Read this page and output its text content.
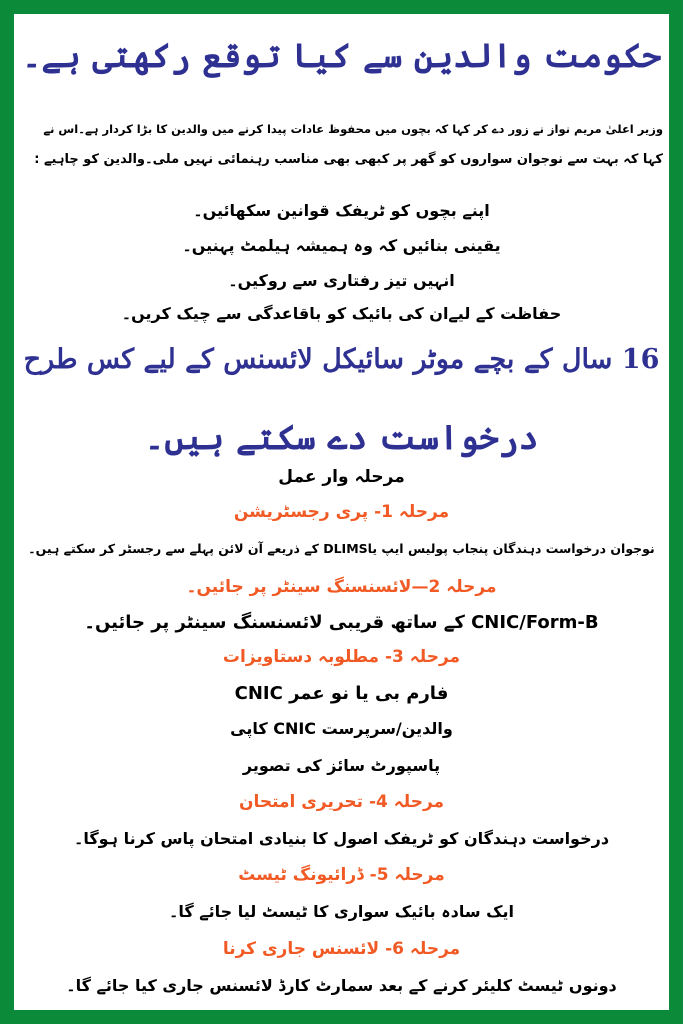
حکومت والدین سے کیا توقع رکھتی ہے۔
وزیر اعلیٰ مریم نواز نے زور دے کر کہا کہ بچوں میں محفوظ عادات پیدا کرنے میں والدین کا بڑا کردار ہے۔اس نے
کہا کہ بہت سے نوجوان سواروں کو گھر پر کبھی بھی مناسب رہنمائی نہیں ملی۔والدین کو چاہیے :
اپنے بچوں کو ٹریفک قوانین سکھائیں۔
یقینی بنائیں کہ وہ ہمیشہ ہیلمٹ پہنیں۔
انہیں تیز رفتاری سے روکیں۔
حفاظت کے لیےان کی بائیک کو باقاعدگی سے چیک کریں۔
16 سال کے بچے موٹر سائیکل لائسنس کے لیے کس طرح
درخواست دے سکتے ہیں۔
مرحلہ وار عمل
مرحلہ 1- پری رجسٹریشن
نوجوان درخواست دہندگان پنجاب پولیس ایپ یاDLIMS کے ذریعے آن لائن پہلے سے رجسٹر کر سکتے ہیں۔
مرحلہ 2—لائسنسنگ سینٹر پر جائیں۔
CNIC/Form-B کے ساتھ قریبی لائسنسنگ سینٹر پر جائیں۔
مرحلہ 3- مطلوبہ دستاویزات
فارم بی یا نو عمر CNIC
والدین/سرپرست CNIC کاپی
پاسپورٹ سائز کی تصویر
مرحلہ 4- تحریری امتحان
درخواست دہندگان کو ٹریفک اصول کا بنیادی امتحان پاس کرنا ہوگا۔
مرحلہ 5- ڈرائیونگ ٹیسٹ
ایک سادہ بائیک سواری کا ٹیسٹ لیا جائے گا۔
مرحلہ 6- لائسنس جاری کرنا
دونوں ٹیسٹ کلیئر کرنے کے بعد سمارٹ کارڈ لائسنس جاری کیا جائے گا۔
